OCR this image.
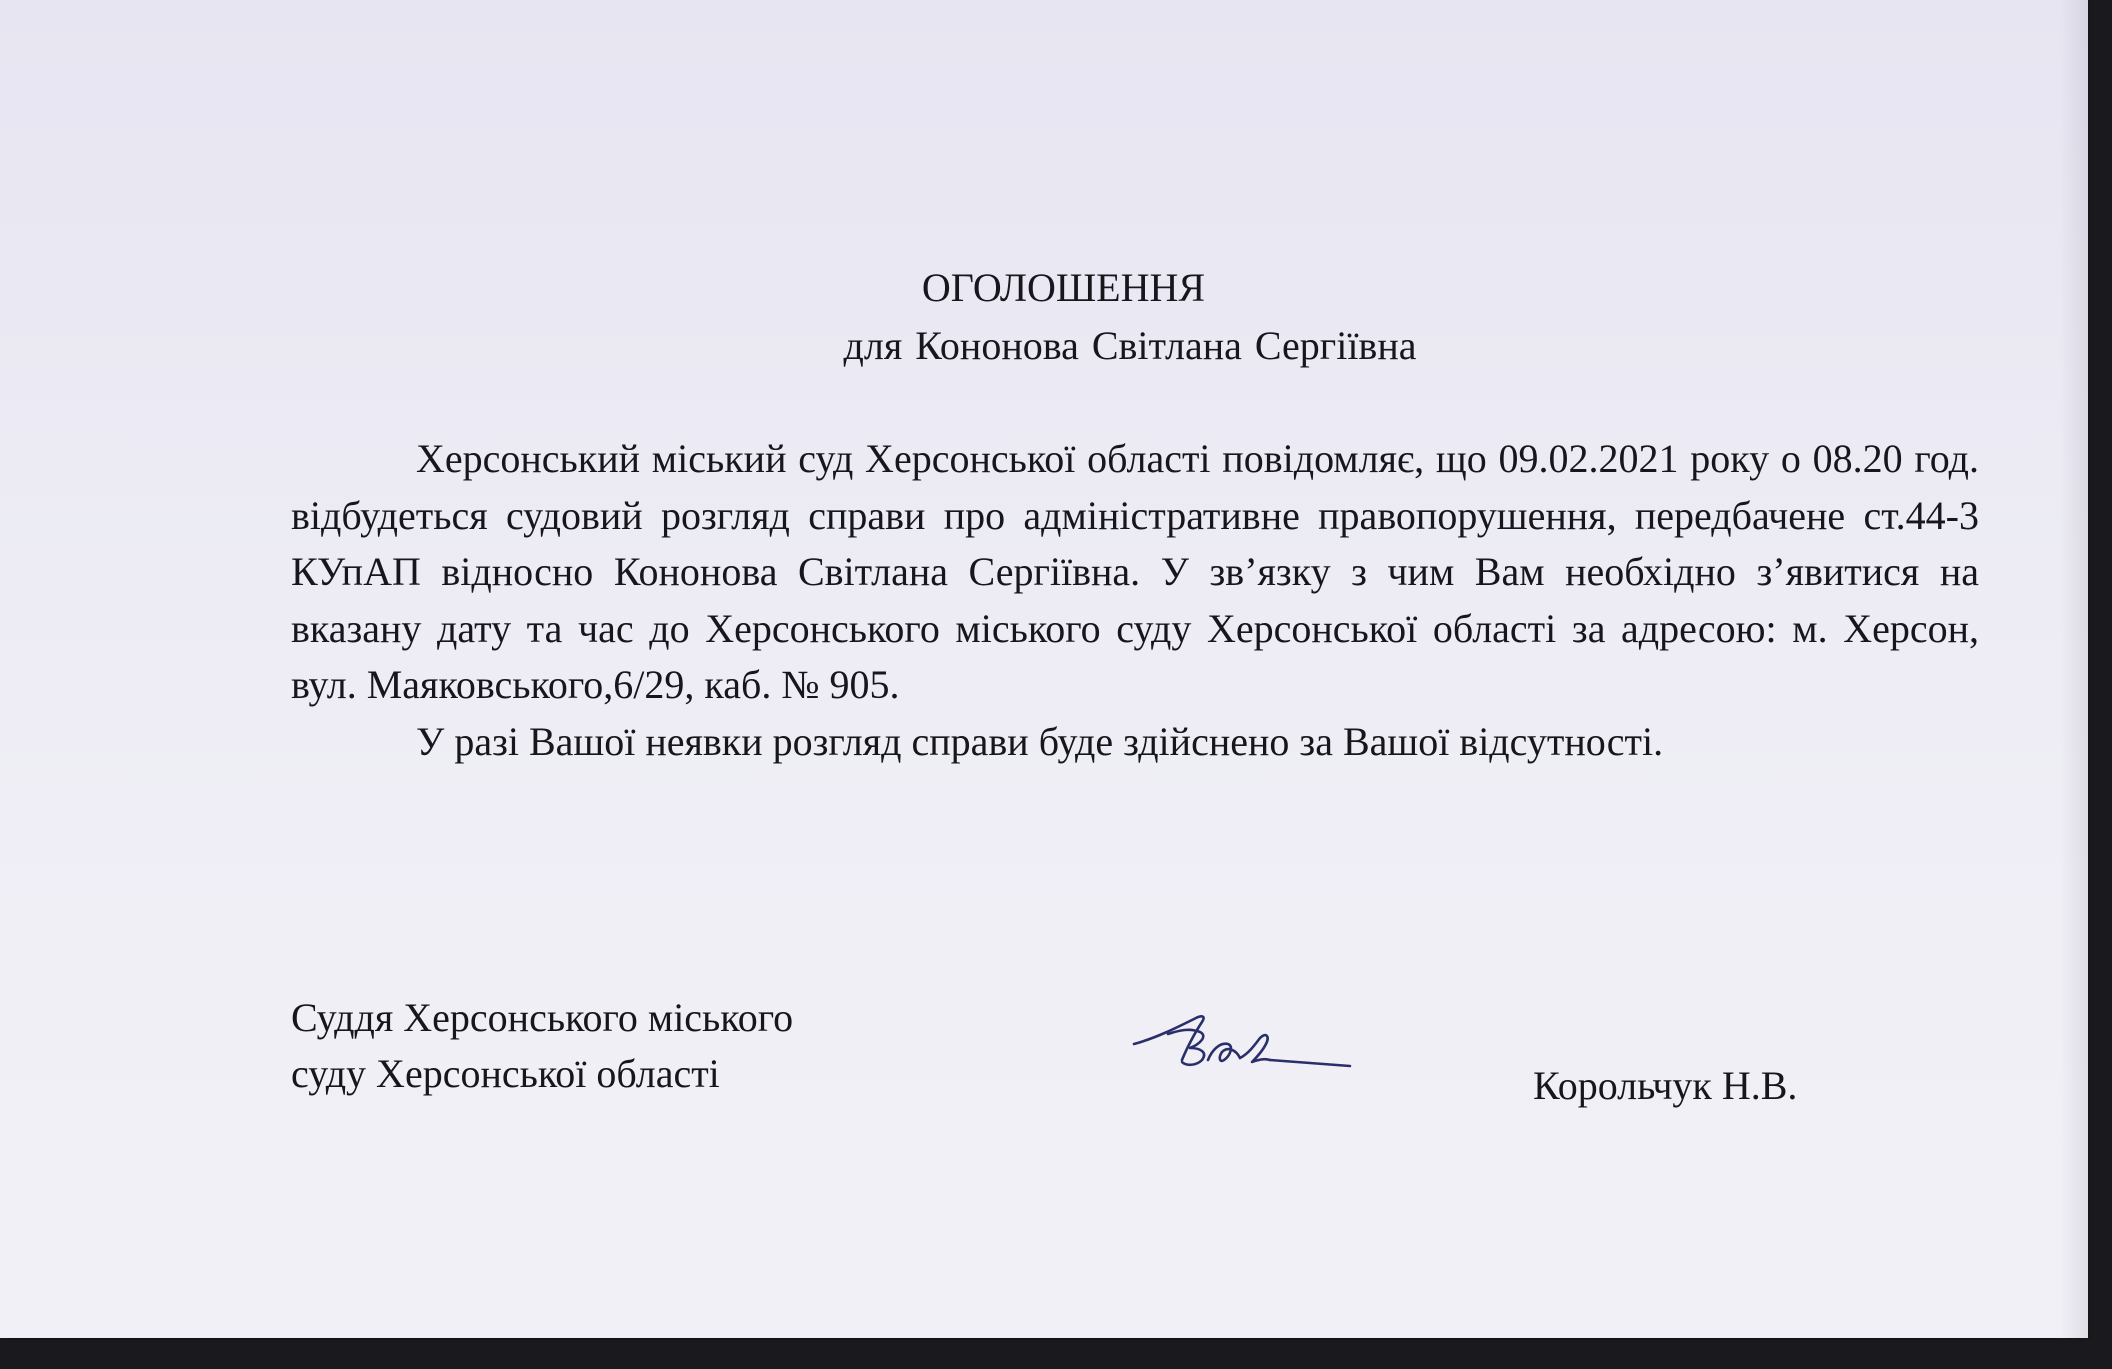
ОГОЛОШЕННЯ
для Кононова Світлана Сергіївна

Херсонський міський суд Херсонської області повідомляє, що 09.02.2021 року о 08.20 год. відбудеться судовий розгляд справи про адміністративне правопорушення, передбачене ст.44-3 КУпАП відносно Кононова Світлана Сергіївна. У зв’язку з чим Вам необхідно з’явитися на вказану дату та час до Херсонського міського суду Херсонської області за адресою: м. Херсон, вул. Маяковського,6/29, каб. № 905.

У разі Вашої неявки розгляд справи буде здійснено за Вашої відсутності.

Суддя Херсонського міського
суду Херсонської області	Корольчук Н.В.
